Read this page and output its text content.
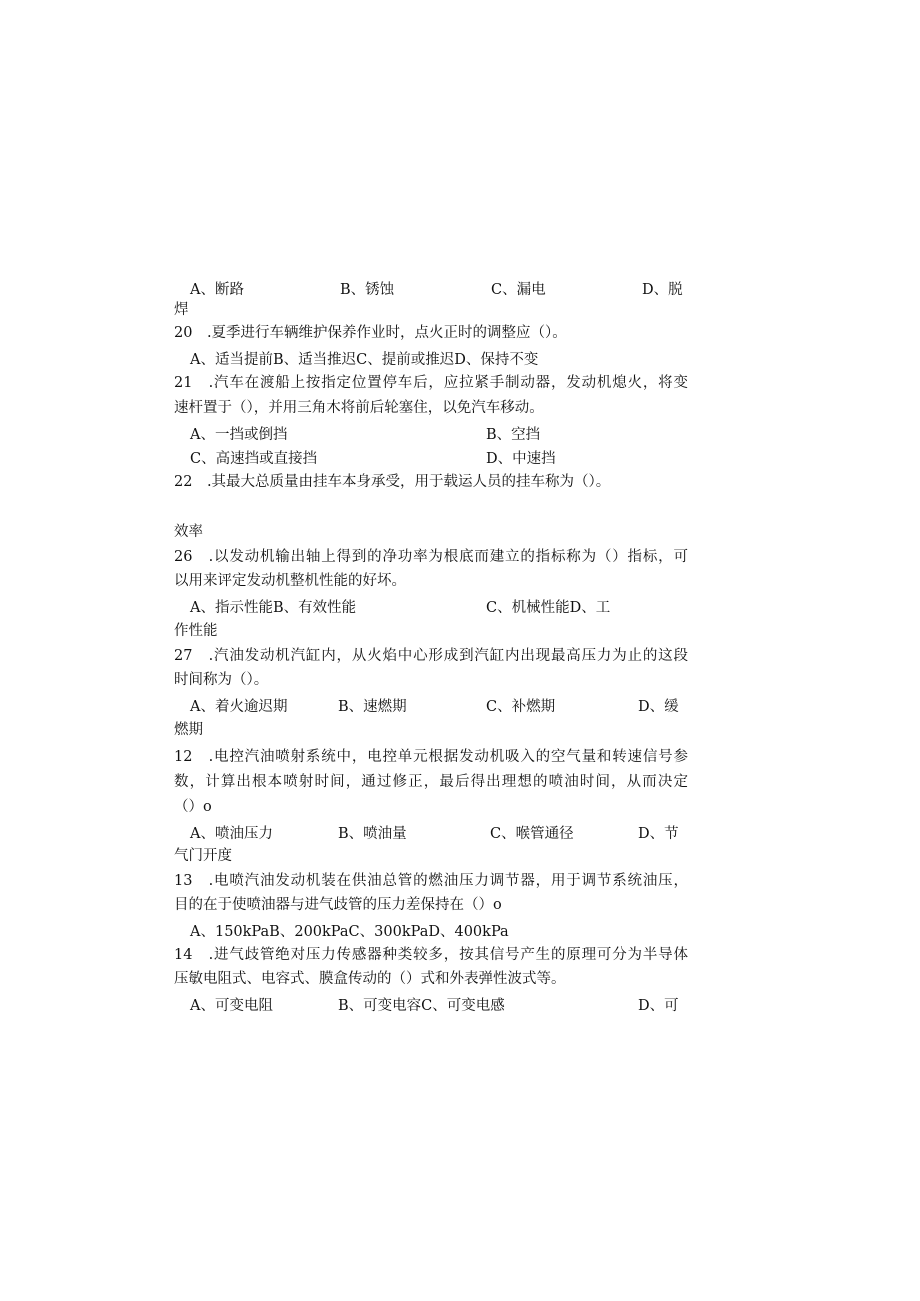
A、断路	B、锈蚀	C、漏电	D、脱
焊
20　.夏季进行车辆维护保养作业时，点火正时的调整应（）。
A、适当提前B、适当推迟C、提前或推迟D、保持不变
21　.汽车在渡船上按指定位置停车后，应拉紧手制动器，发动机熄火，将变
速杆置于（），并用三角木将前后轮塞住，以免汽车移动。
A、一挡或倒挡	B、空挡
C、高速挡或直接挡	D、中速挡
22　.其最大总质量由挂车本身承受，用于载运人员的挂车称为（）。
效率
26　.以发动机输出轴上得到的净功率为根底而建立的指标称为（）指标，可
以用来评定发动机整机性能的好坏。
A、指示性能B、有效性能	C、机械性能D、工
作性能
27　.汽油发动机汽缸内，从火焰中心形成到汽缸内出现最高压力为止的这段
时间称为（）。
A、着火逾迟期	B、速燃期	C、补燃期	D、缓
燃期
12　.电控汽油喷射系统中，电控单元根据发动机吸入的空气量和转速信号参
数，计算出根本喷射时间，通过修正，最后得出理想的喷油时间，从而决定
（）o
A、喷油压力	B、喷油量	C、喉管通径	D、节
气门开度
13　.电喷汽油发动机装在供油总管的燃油压力调节器，用于调节系统油压，
目的在于使喷油器与进气歧管的压力差保持在（）o
A、150kPaB、200kPaC、300kPaD、400kPa
14　.进气歧管绝对压力传感器种类较多，按其信号产生的原理可分为半导体
压敏电阻式、电容式、膜盒传动的（）式和外表弹性波式等。
A、可变电阻	B、可变电容C、可变电感	D、可
